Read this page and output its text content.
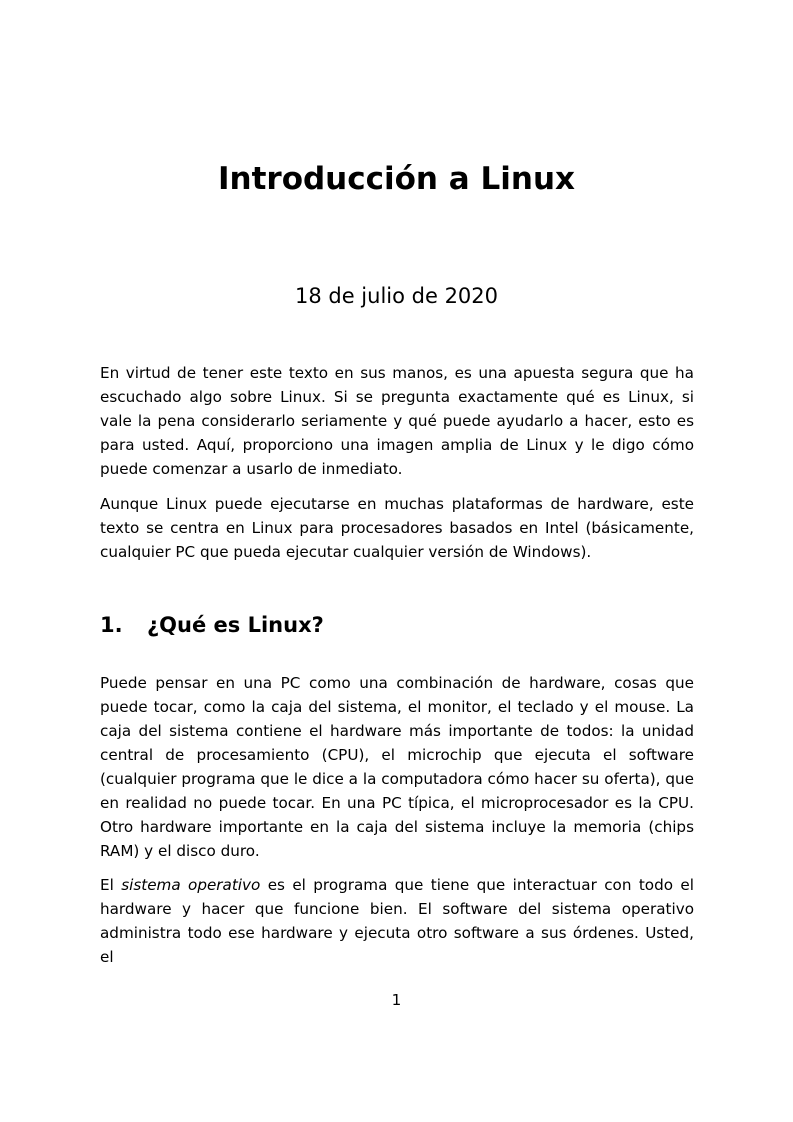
Introducción a Linux
18 de julio de 2020

En virtud de tener este texto en sus manos, es una apuesta segura que ha escuchado algo sobre Linux. Si se pregunta exactamente qué es Linux, si vale la pena considerarlo seriamente y qué puede ayudarlo a hacer, esto es para usted. Aquí, proporciono una imagen amplia de Linux y le digo cómo puede comenzar a usarlo de inmediato.

Aunque Linux puede ejecutarse en muchas plataformas de hardware, este texto se centra en Linux para procesadores basados en Intel (básicamente, cualquier PC que pueda ejecutar cualquier versión de Windows).

1. ¿Qué es Linux?

Puede pensar en una PC como una combinación de hardware, cosas que puede tocar, como la caja del sistema, el monitor, el teclado y el mouse. La caja del sistema contiene el hardware más importante de todos: la unidad central de procesamiento (CPU), el microchip que ejecuta el software (cualquier programa que le dice a la computadora cómo hacer su oferta), que en realidad no puede tocar. En una PC típica, el microprocesador es la CPU. Otro hardware importante en la caja del sistema incluye la memoria (chips RAM) y el disco duro.

El sistema operativo es el programa que tiene que interactuar con todo el hardware y hacer que funcione bien. El software del sistema operativo administra todo ese hardware y ejecuta otro software a sus órdenes. Usted, el

1
